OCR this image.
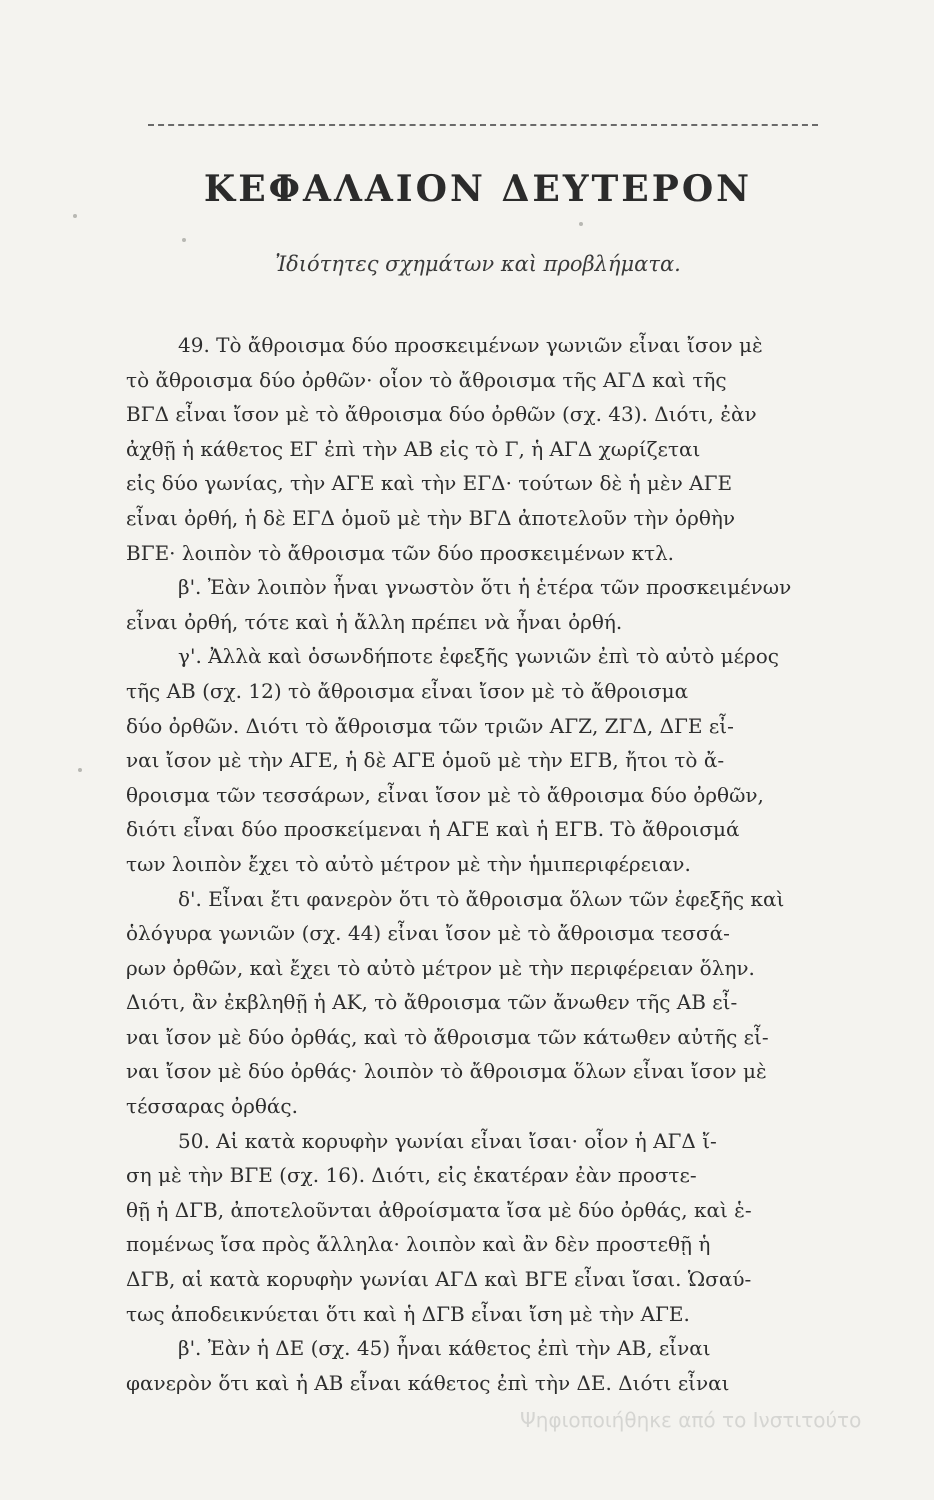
ΚΕΦΑΛΑΙΟΝ ΔΕΥΤΕΡΟΝ
Ἰδιότητες σχημάτων καὶ προβλήματα.
49. Τὸ ἄθροισμα δύο προσκειμένων γωνιῶν εἶναι ἴσον μὲ
τὸ ἄθροισμα δύο ὀρθῶν· οἷον τὸ ἄθροισμα τῆς ΑΓΔ καὶ τῆς
ΒΓΔ εἶναι ἴσον μὲ τὸ ἄθροισμα δύο ὀρθῶν (σχ. 43). Διότι, ἐὰν
ἀχθῇ ἡ κάθετος ΕΓ ἐπὶ τὴν ΑΒ εἰς τὸ Γ, ἡ ΑΓΔ χωρίζεται
εἰς δύο γωνίας, τὴν ΑΓΕ καὶ τὴν ΕΓΔ· τούτων δὲ ἡ μὲν ΑΓΕ
εἶναι ὀρθή, ἡ δὲ ΕΓΔ ὁμοῦ μὲ τὴν ΒΓΔ ἀποτελοῦν τὴν ὀρθὴν
ΒΓΕ· λοιπὸν τὸ ἄθροισμα τῶν δύο προσκειμένων κτλ.
β'. Ἐὰν λοιπὸν ἦναι γνωστὸν ὅτι ἡ ἑτέρα τῶν προσκειμένων
εἶναι ὀρθή, τότε καὶ ἡ ἄλλη πρέπει νὰ ἦναι ὀρθή.
γ'. Ἀλλὰ καὶ ὁσωνδήποτε ἐφεξῆς γωνιῶν ἐπὶ τὸ αὐτὸ μέρος
τῆς ΑΒ (σχ. 12) τὸ ἄθροισμα εἶναι ἴσον μὲ τὸ ἄθροισμα
δύο ὀρθῶν. Διότι τὸ ἄθροισμα τῶν τριῶν ΑΓΖ, ΖΓΔ, ΔΓΕ εἶ-
ναι ἴσον μὲ τὴν ΑΓΕ, ἡ δὲ ΑΓΕ ὁμοῦ μὲ τὴν ΕΓΒ, ἤτοι τὸ ἄ-
θροισμα τῶν τεσσάρων, εἶναι ἴσον μὲ τὸ ἄθροισμα δύο ὀρθῶν,
διότι εἶναι δύο προσκείμεναι ἡ ΑΓΕ καὶ ἡ ΕΓΒ. Τὸ ἄθροισμά
των λοιπὸν ἔχει τὸ αὐτὸ μέτρον μὲ τὴν ἡμιπεριφέρειαν.
δ'. Εἶναι ἔτι φανερὸν ὅτι τὸ ἄθροισμα ὅλων τῶν ἐφεξῆς καὶ
ὁλόγυρα γωνιῶν (σχ. 44) εἶναι ἴσον μὲ τὸ ἄθροισμα τεσσά-
ρων ὀρθῶν, καὶ ἔχει τὸ αὐτὸ μέτρον μὲ τὴν περιφέρειαν ὅλην.
Διότι, ἂν ἐκβληθῇ ἡ ΑΚ, τὸ ἄθροισμα τῶν ἄνωθεν τῆς ΑΒ εἶ-
ναι ἴσον μὲ δύο ὀρθάς, καὶ τὸ ἄθροισμα τῶν κάτωθεν αὐτῆς εἶ-
ναι ἴσον μὲ δύο ὀρθάς· λοιπὸν τὸ ἄθροισμα ὅλων εἶναι ἴσον μὲ
τέσσαρας ὀρθάς.
50. Αἱ κατὰ κορυφὴν γωνίαι εἶναι ἴσαι· οἷον ἡ ΑΓΔ ἴ-
ση μὲ τὴν ΒΓΕ (σχ. 16). Διότι, εἰς ἑκατέραν ἐὰν προστε-
θῇ ἡ ΔΓΒ, ἀποτελοῦνται ἀθροίσματα ἴσα μὲ δύο ὀρθάς, καὶ ἑ-
πομένως ἴσα πρὸς ἄλληλα· λοιπὸν καὶ ἂν δὲν προστεθῇ ἡ
ΔΓΒ, αἱ κατὰ κορυφὴν γωνίαι ΑΓΔ καὶ ΒΓΕ εἶναι ἴσαι. Ὡσαύ-
τως ἀποδεικνύεται ὅτι καὶ ἡ ΔΓΒ εἶναι ἴση μὲ τὴν ΑΓΕ.
β'. Ἐὰν ἡ ΔΕ (σχ. 45) ἦναι κάθετος ἐπὶ τὴν ΑΒ, εἶναι
φανερὸν ὅτι καὶ ἡ ΑΒ εἶναι κάθετος ἐπὶ τὴν ΔΕ. Διότι εἶναι
Ψηφιοποιήθηκε από το Ινστιτούτο
